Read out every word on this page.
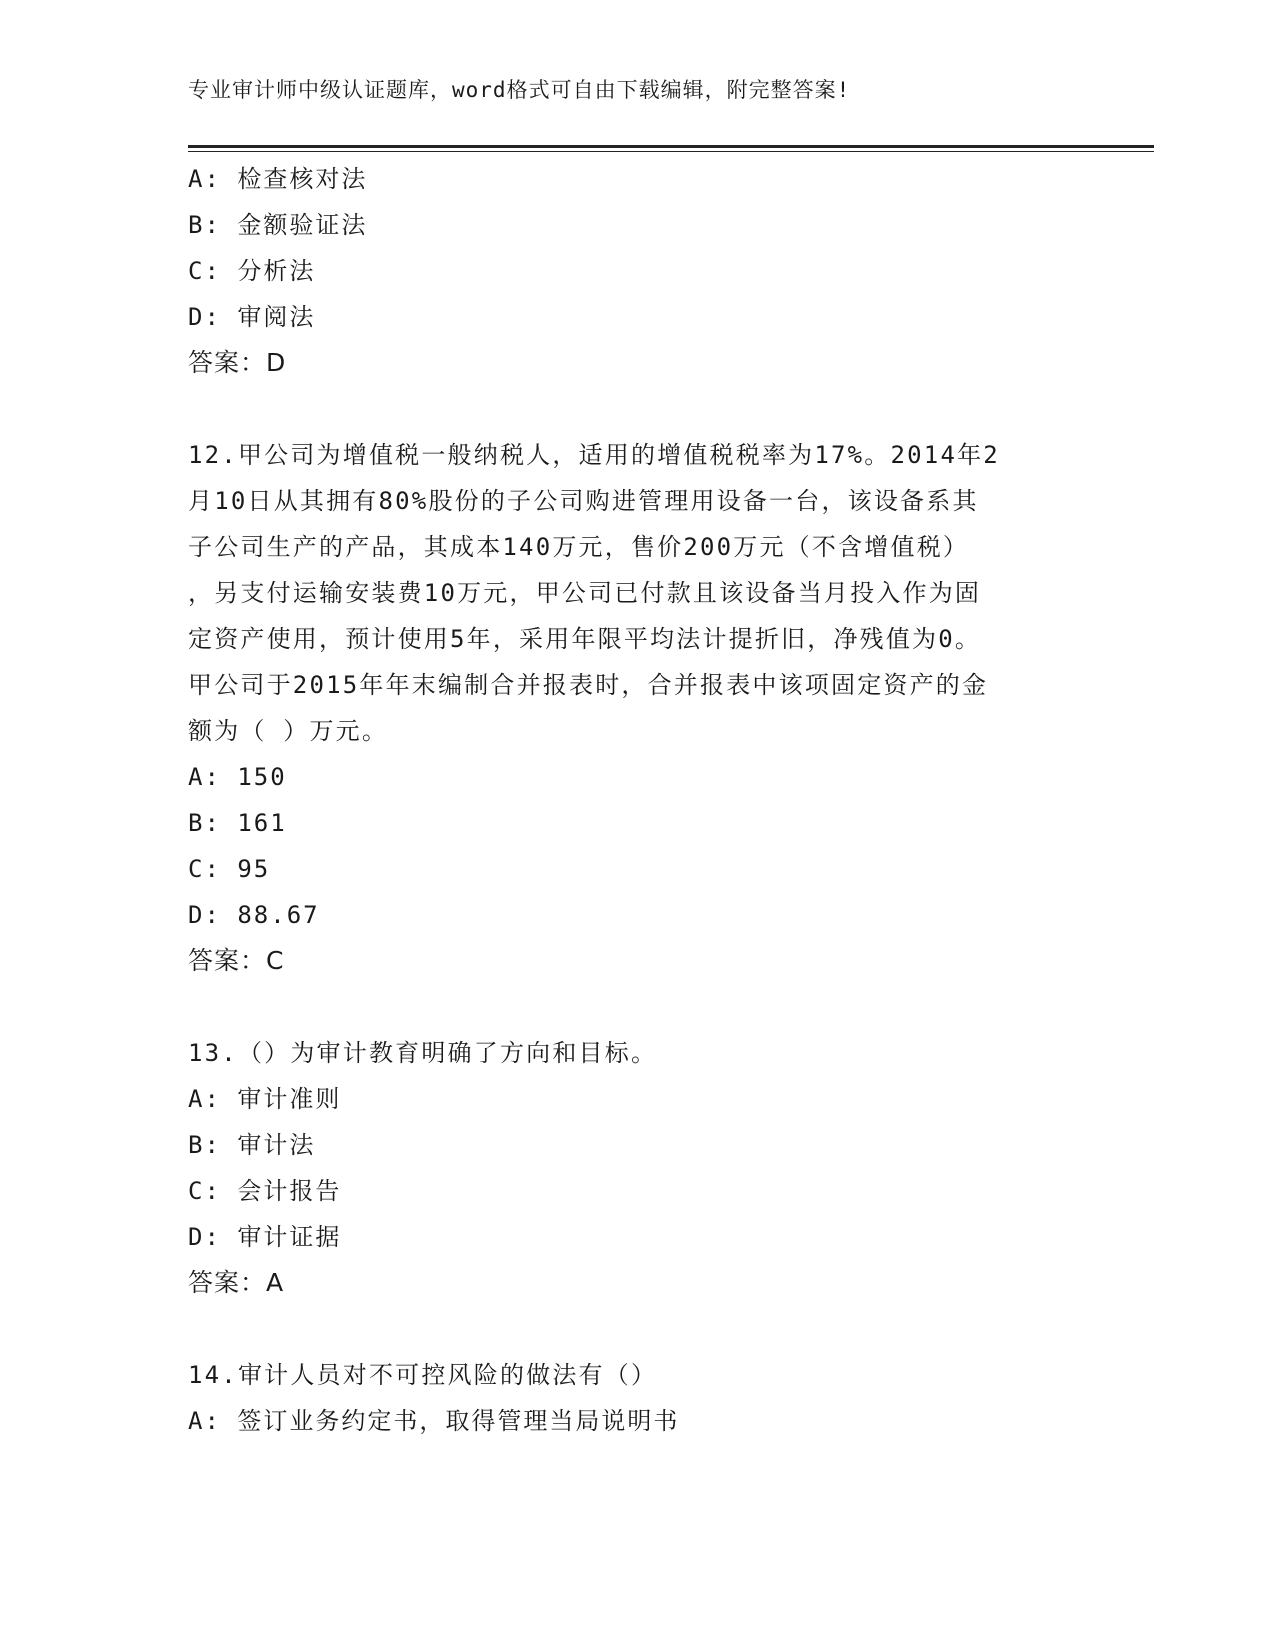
专业审计师中级认证题库，word格式可自由下载编辑，附完整答案!
A: 检查核对法
B: 金额验证法
C: 分析法
D: 审阅法
答案：D
12.甲公司为增值税一般纳税人，适用的增值税税率为17%。2014年2
月10日从其拥有80%股份的子公司购进管理用设备一台，该设备系其
子公司生产的产品，其成本140万元，售价200万元（不含增值税）
，另支付运输安装费10万元，甲公司已付款且该设备当月投入作为固
定资产使用，预计使用5年，采用年限平均法计提折旧，净残值为0。
甲公司于2015年年末编制合并报表时，合并报表中该项固定资产的金
额为（ ）万元。
A: 150
B: 161
C: 95
D: 88.67
答案：C
13.（）为审计教育明确了方向和目标。
A: 审计准则
B: 审计法
C: 会计报告
D: 审计证据
答案：A
14.审计人员对不可控风险的做法有（）
A: 签订业务约定书，取得管理当局说明书
